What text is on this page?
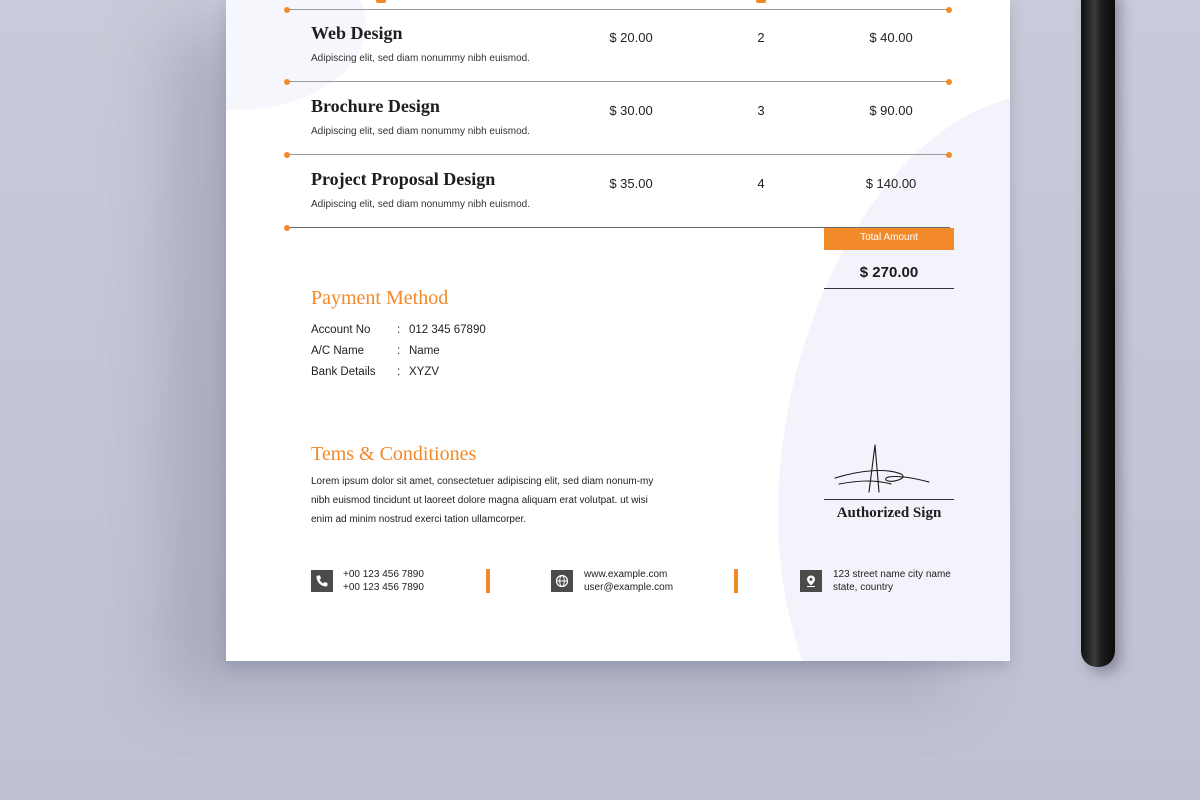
Web Design
Adipiscing elit, sed diam nonummy nibh euismod.
$ 20.00	2	$ 40.00
Brochure Design
Adipiscing elit, sed diam nonummy nibh euismod.
$ 30.00	3	$ 90.00
Project Proposal Design
Adipiscing elit, sed diam nonummy nibh euismod.
$ 35.00	4	$ 140.00
Total Amount
$ 270.00
Payment Method
Account No	: 012 345 67890
A/C Name	: Name
Bank Details	: XYZV
Tems & Conditiones

Lorem ipsum dolor sit amet, consectetuer adipiscing elit, sed diam nonum-my nibh euismod tincidunt ut laoreet dolore magna aliquam erat volutpat. ut wisi enim ad minim nostrud exerci tation ullamcorper.	Authorized Sign
+00 123 456 7890
+00 123 456 7890
www.example.com
user@example.com
123 street name city name
state, country
